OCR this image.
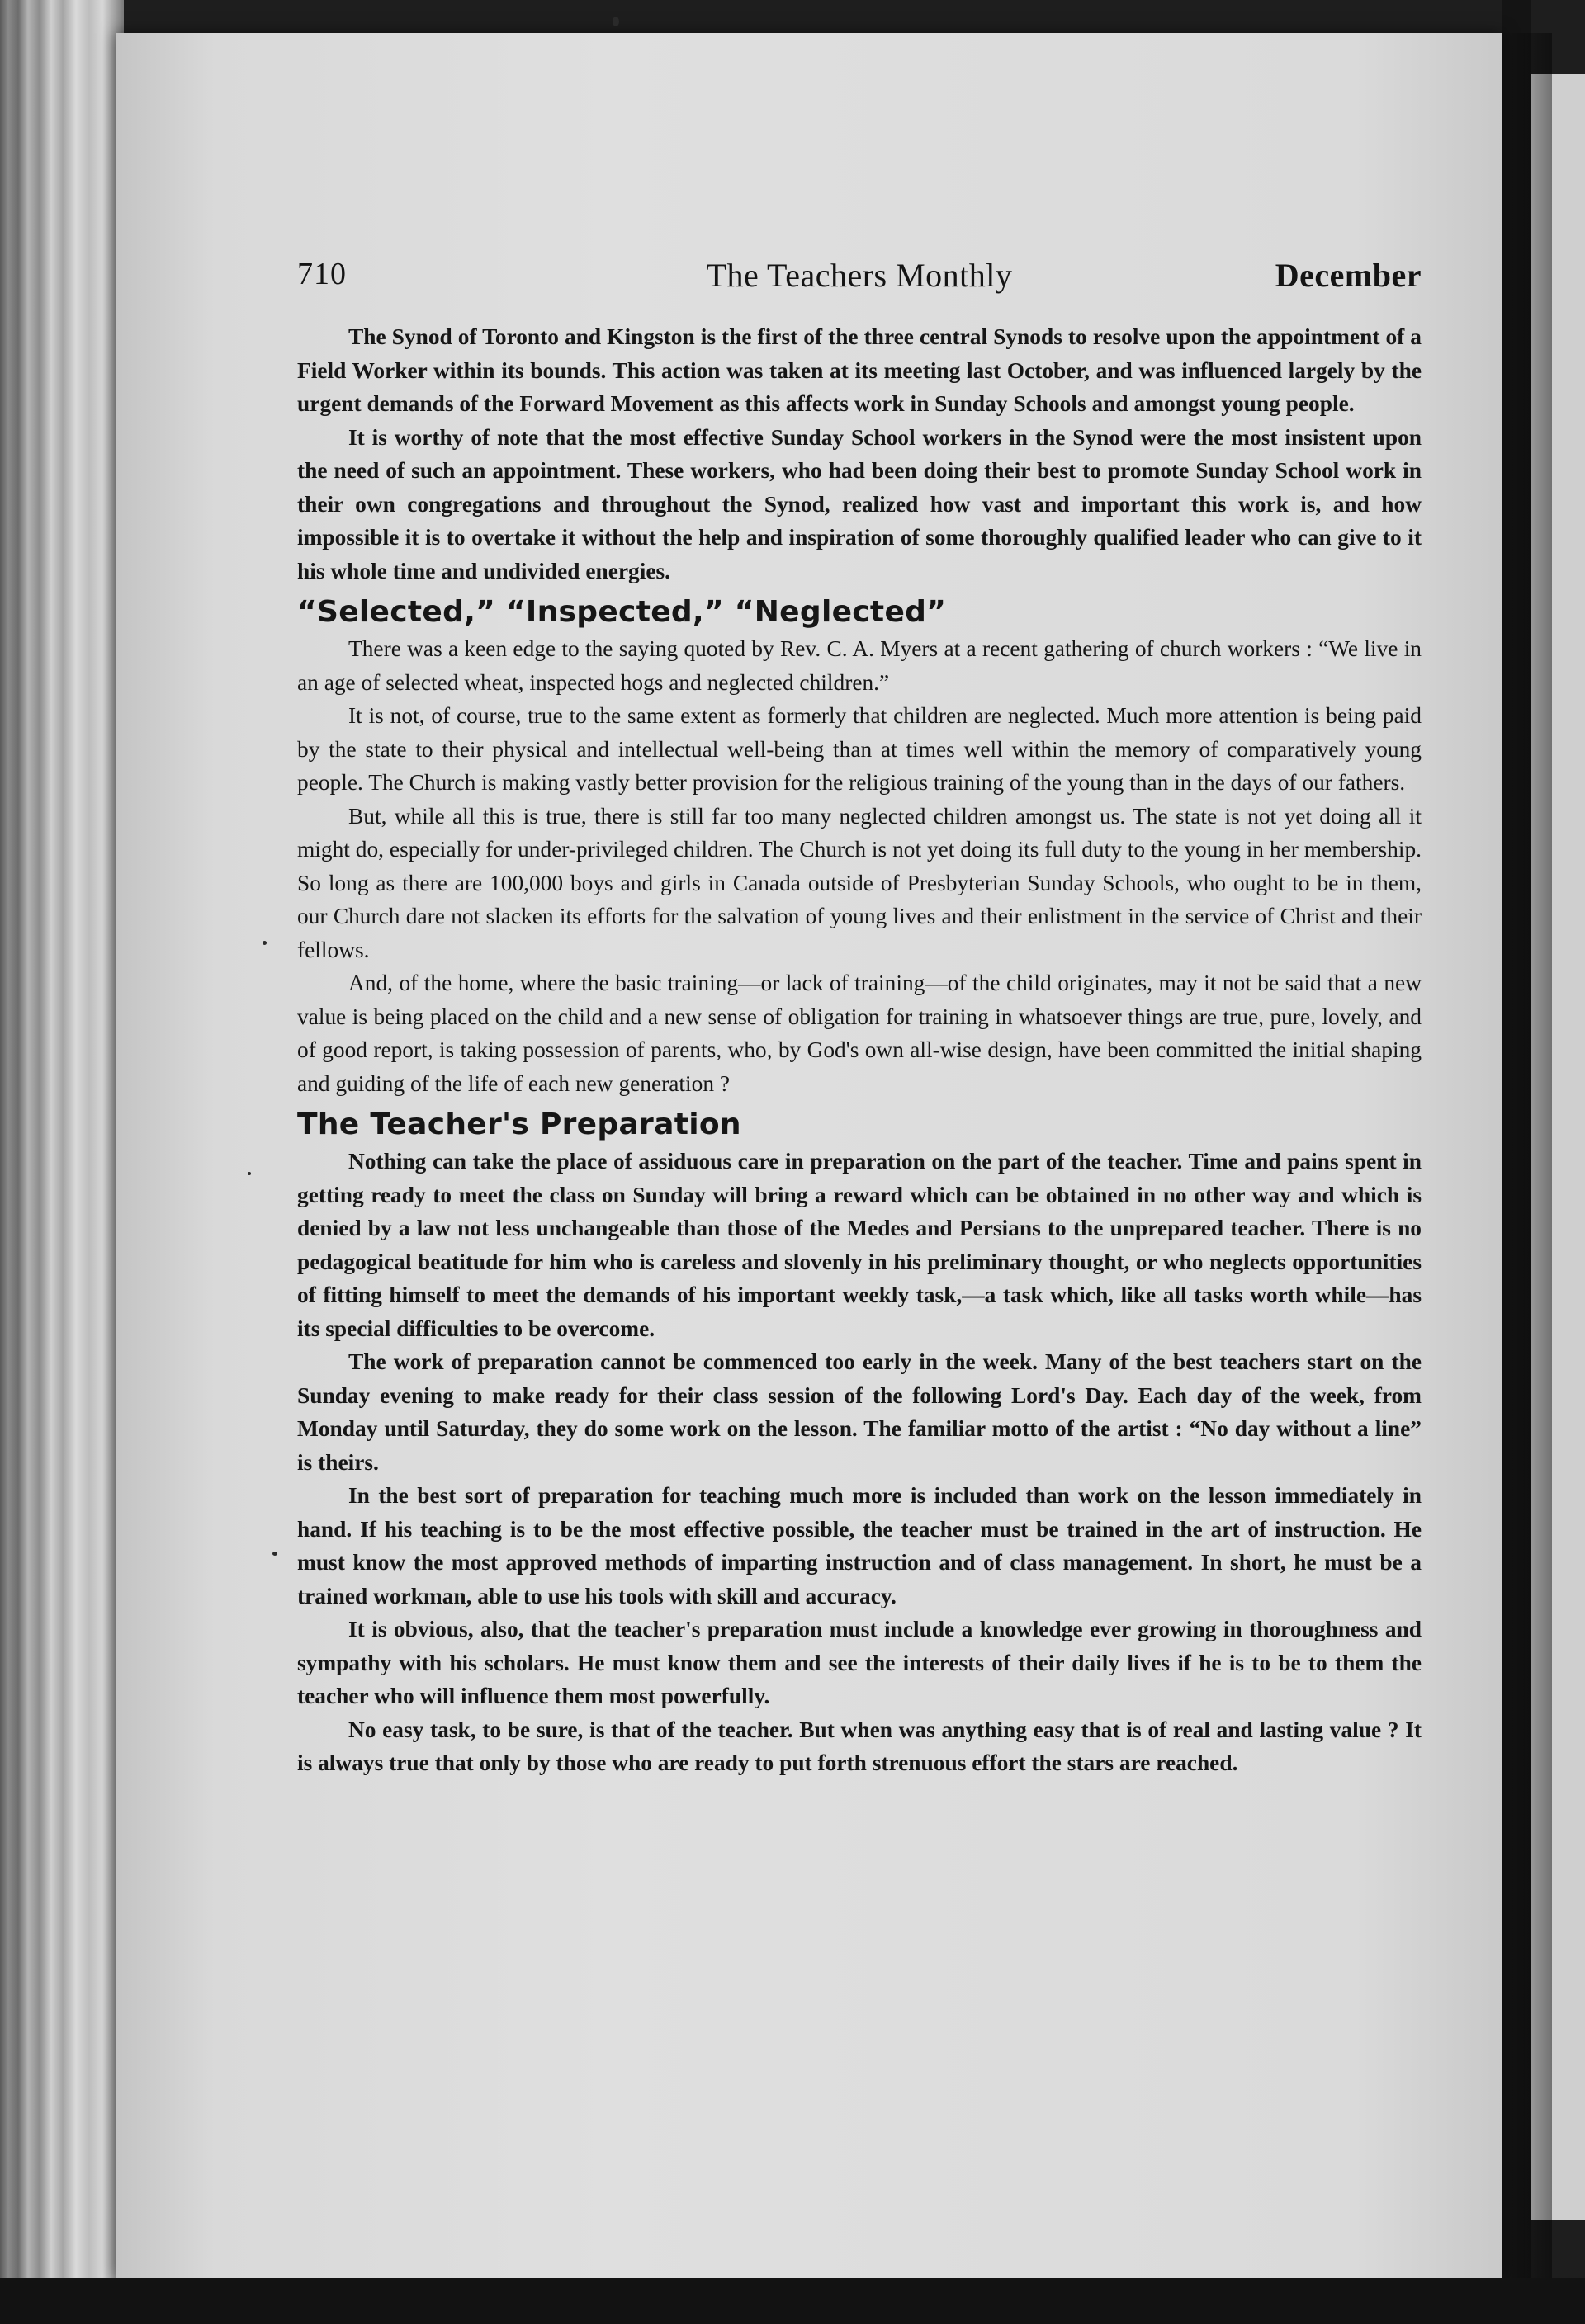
710	The Teachers Monthly	December

The Synod of Toronto and Kingston is the first of the three central Synods to resolve upon the appointment of a Field Worker within its bounds. This action was taken at its meeting last October, and was influenced largely by the urgent demands of the Forward Movement as this affects work in Sunday Schools and amongst young people.

It is worthy of note that the most effective Sunday School workers in the Synod were the most insistent upon the need of such an appointment. These workers, who had been doing their best to promote Sunday School work in their own congregations and throughout the Synod, realized how vast and important this work is, and how impossible it is to overtake it without the help and inspiration of some thoroughly qualified leader who can give to it his whole time and undivided energies.

“Selected,” “Inspected,” “Neglected”

There was a keen edge to the saying quoted by Rev. C. A. Myers at a recent gathering of church workers : “We live in an age of selected wheat, inspected hogs and neglected children.”

It is not, of course, true to the same extent as formerly that children are neglected. Much more attention is being paid by the state to their physical and intellectual well-being than at times well within the memory of comparatively young people. The Church is making vastly better provision for the religious training of the young than in the days of our fathers.

But, while all this is true, there is still far too many neglected children amongst us. The state is not yet doing all it might do, especially for under-privileged children. The Church is not yet doing its full duty to the young in her membership. So long as there are 100,000 boys and girls in Canada outside of Presbyterian Sunday Schools, who ought to be in them, our Church dare not slacken its efforts for the salvation of young lives and their enlistment in the service of Christ and their fellows.

And, of the home, where the basic training—or lack of training—of the child originates, may it not be said that a new value is being placed on the child and a new sense of obligation for training in whatsoever things are true, pure, lovely, and of good report, is taking possession of parents, who, by God's own all-wise design, have been committed the initial shaping and guiding of the life of each new generation ?

The Teacher's Preparation

Nothing can take the place of assiduous care in preparation on the part of the teacher. Time and pains spent in getting ready to meet the class on Sunday will bring a reward which can be obtained in no other way and which is denied by a law not less unchangeable than those of the Medes and Persians to the unprepared teacher. There is no pedagogical beatitude for him who is careless and slovenly in his preliminary thought, or who neglects opportunities of fitting himself to meet the demands of his important weekly task,—a task which, like all tasks worth while—has its special difficulties to be overcome.

The work of preparation cannot be commenced too early in the week. Many of the best teachers start on the Sunday evening to make ready for their class session of the following Lord's Day. Each day of the week, from Monday until Saturday, they do some work on the lesson. The familiar motto of the artist : “No day without a line” is theirs.

In the best sort of preparation for teaching much more is included than work on the lesson immediately in hand. If his teaching is to be the most effective possible, the teacher must be trained in the art of instruction. He must know the most approved methods of imparting instruction and of class management. In short, he must be a trained workman, able to use his tools with skill and accuracy.

It is obvious, also, that the teacher's preparation must include a knowledge ever growing in thoroughness and sympathy with his scholars. He must know them and see the interests of their daily lives if he is to be to them the teacher who will influence them most powerfully.

No easy task, to be sure, is that of the teacher. But when was anything easy that is of real and lasting value ? It is always true that only by those who are ready to put forth strenuous effort the stars are reached.
